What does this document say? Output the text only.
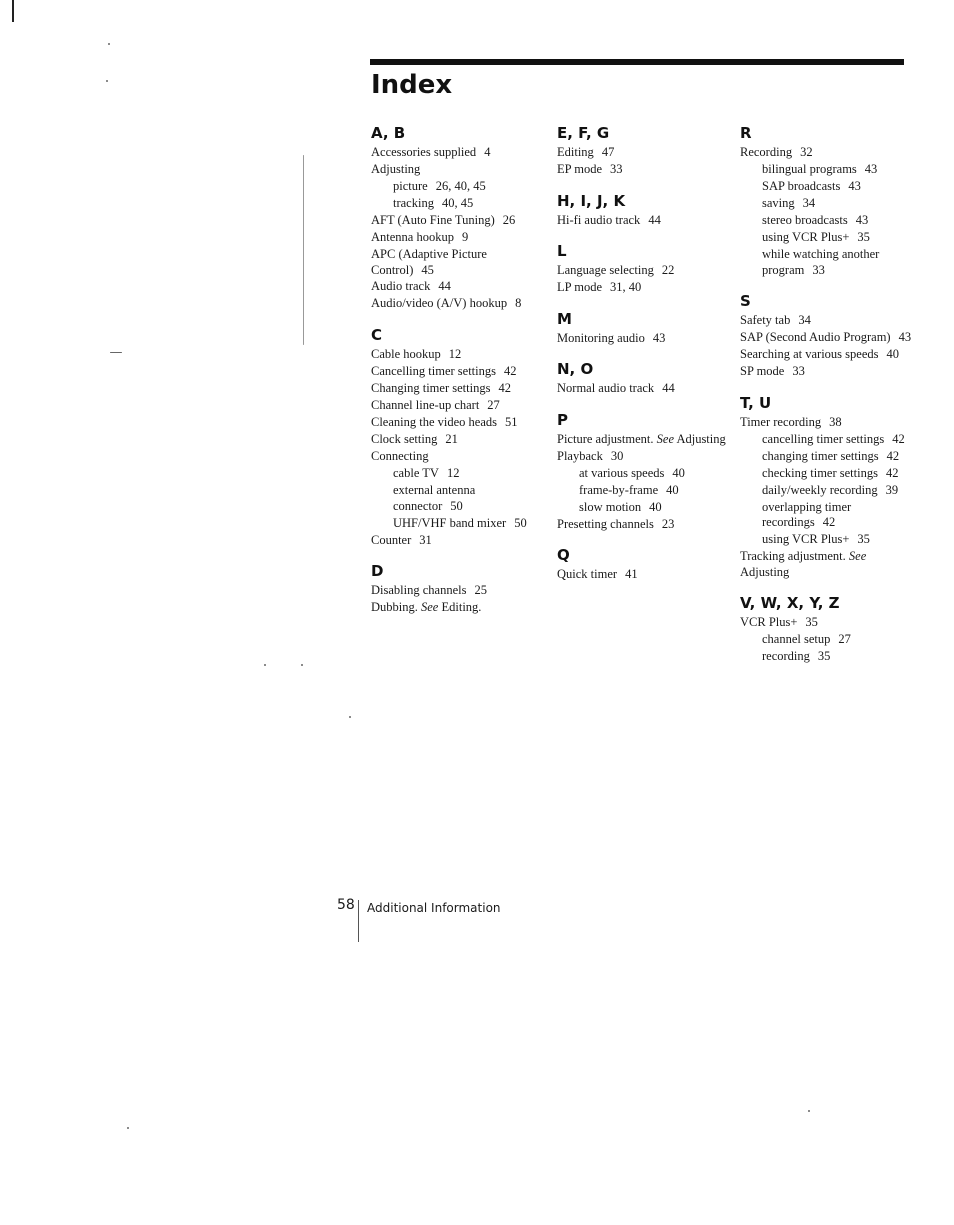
Index
A, B
Accessories supplied 4
Adjusting
picture 26, 40, 45
tracking 40, 45
AFT (Auto Fine Tuning) 26
Antenna hookup 9
APC (Adaptive Picture Control) 45
Audio track 44
Audio/video (A/V) hookup 8
C
Cable hookup 12
Cancelling timer settings 42
Changing timer settings 42
Channel line-up chart 27
Cleaning the video heads 51
Clock setting 21
Connecting
cable TV 12
external antenna connector 50
UHF/VHF band mixer 50
Counter 31
D
Disabling channels 25
Dubbing. See Editing.
E, F, G
Editing 47
EP mode 33
H, I, J, K
Hi-fi audio track 44
L
Language selecting 22
LP mode 31, 40
M
Monitoring audio 43
N, O
Normal audio track 44
P
Picture adjustment. See Adjusting
Playback 30
at various speeds 40
frame-by-frame 40
slow motion 40
Presetting channels 23
Q
Quick timer 41
R
Recording 32
bilingual programs 43
SAP broadcasts 43
saving 34
stereo broadcasts 43
using VCR Plus+ 35
while watching another program 33
S
Safety tab 34
SAP (Second Audio Program) 43
Searching at various speeds 40
SP mode 33
T, U
Timer recording 38
cancelling timer settings 42
changing timer settings 42
checking timer settings 42
daily/weekly recording 39
overlapping timer recordings 42
using VCR Plus+ 35
Tracking adjustment. See Adjusting
V, W, X, Y, Z
VCR Plus+ 35
channel setup 27
recording 35
58 Additional Information
